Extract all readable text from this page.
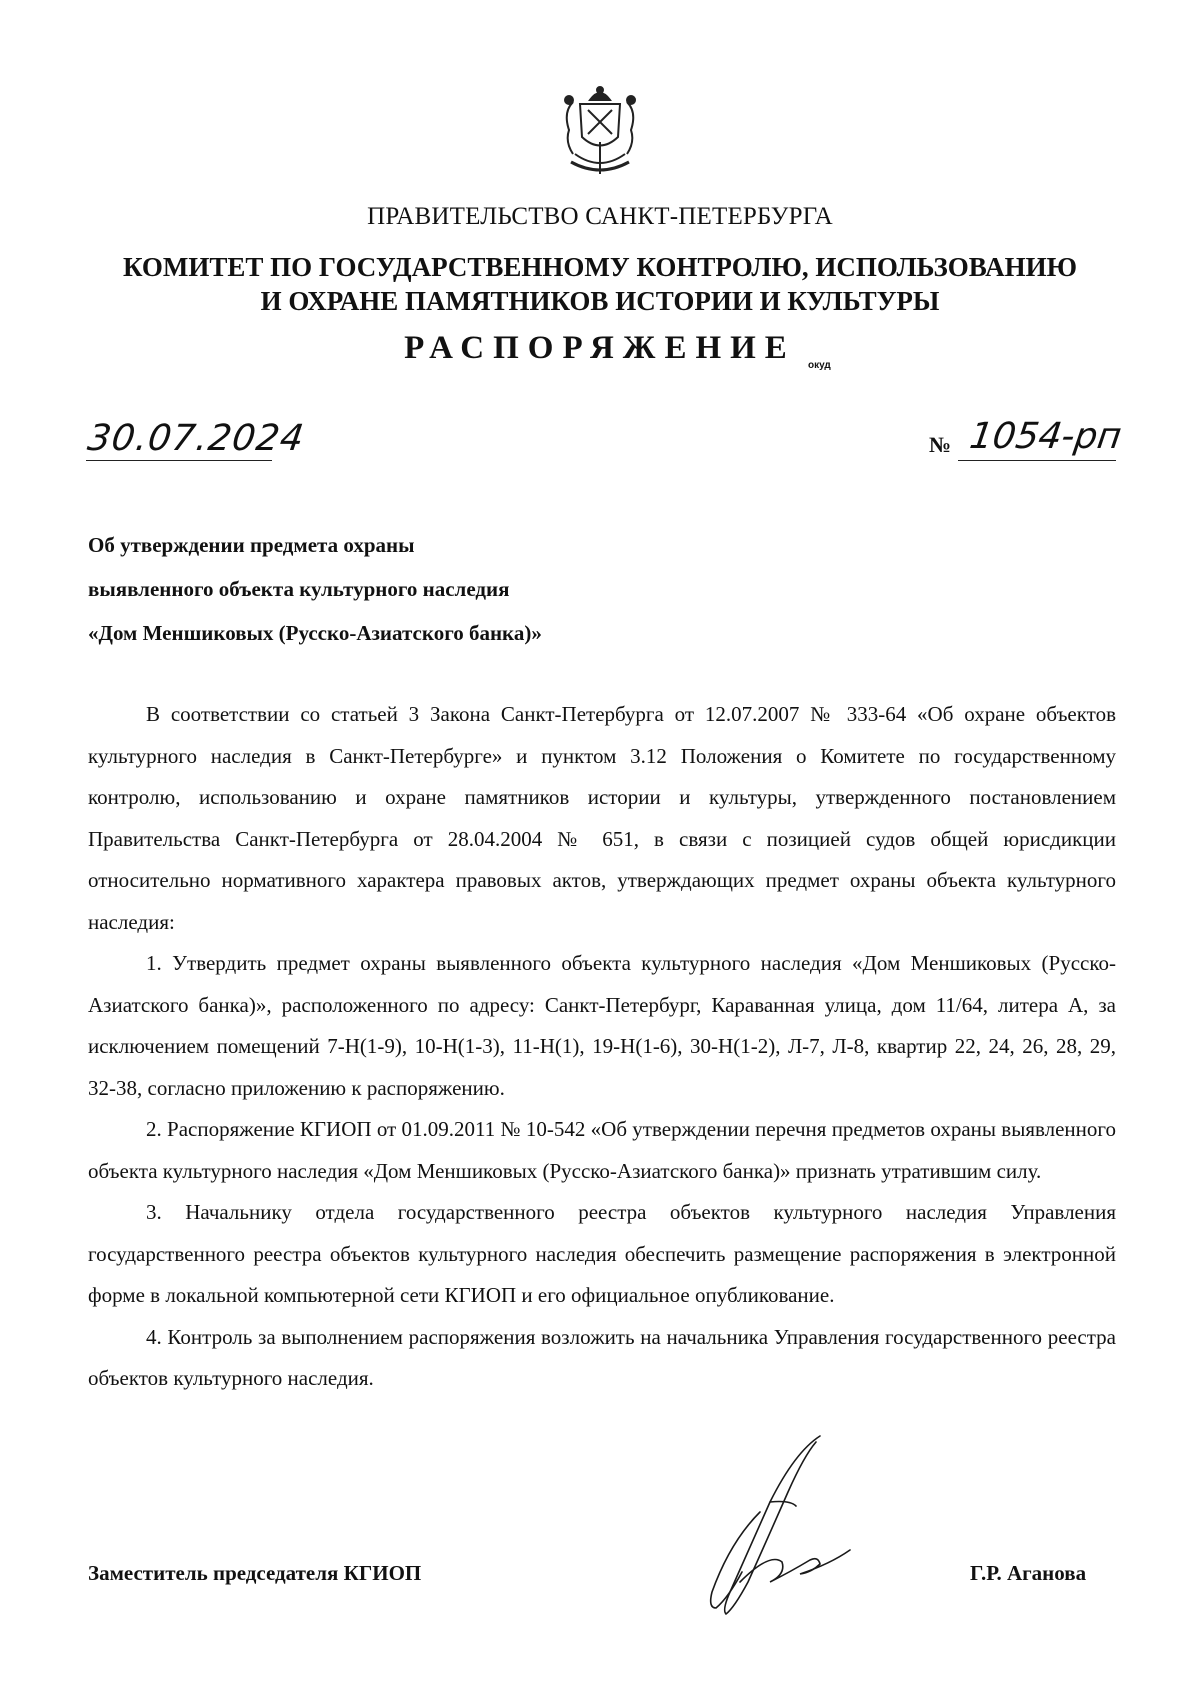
ПРАВИТЕЛЬСТВО САНКТ-ПЕТЕРБУРГА
КОМИТЕТ ПО ГОСУДАРСТВЕННОМУ КОНТРОЛЮ, ИСПОЛЬЗОВАНИЮ
И ОХРАНЕ ПАМЯТНИКОВ ИСТОРИИ И КУЛЬТУРЫ
РАСПОРЯЖЕНИЕ	окуд
30.07.2024	№ 1054-рп
Об утверждении предмета охраны
выявленного объекта культурного наследия
«Дом Меншиковых (Русско-Азиатского банка)»

В соответствии со статьей 3 Закона Санкт-Петербурга от 12.07.2007 № 333-64 «Об охране объектов культурного наследия в Санкт-Петербурге» и пунктом 3.12 Положения о Комитете по государственному контролю, использованию и охране памятников истории и культуры, утвержденного постановлением Правительства Санкт-Петербурга от 28.04.2004 № 651, в связи с позицией судов общей юрисдикции относительно нормативного характера правовых актов, утверждающих предмет охраны объекта культурного наследия:

1. Утвердить предмет охраны выявленного объекта культурного наследия «Дом Меншиковых (Русско-Азиатского банка)», расположенного по адресу: Санкт-Петербург, Караванная улица, дом 11/64, литера А, за исключением помещений 7-Н(1-9), 10-Н(1-3), 11-Н(1), 19-Н(1-6), 30-Н(1-2), Л-7, Л-8, квартир 22, 24, 26, 28, 29, 32-38, согласно приложению к распоряжению.

2. Распоряжение КГИОП от 01.09.2011 № 10-542 «Об утверждении перечня предметов охраны выявленного объекта культурного наследия «Дом Меншиковых (Русско-Азиатского банка)» признать утратившим силу.

3. Начальнику отдела государственного реестра объектов культурного наследия Управления государственного реестра объектов культурного наследия обеспечить размещение распоряжения в электронной форме в локальной компьютерной сети КГИОП и его официальное опубликование.

4. Контроль за выполнением распоряжения возложить на начальника Управления государственного реестра объектов культурного наследия.

Заместитель председателя КГИОП	Г.Р. Аганова
